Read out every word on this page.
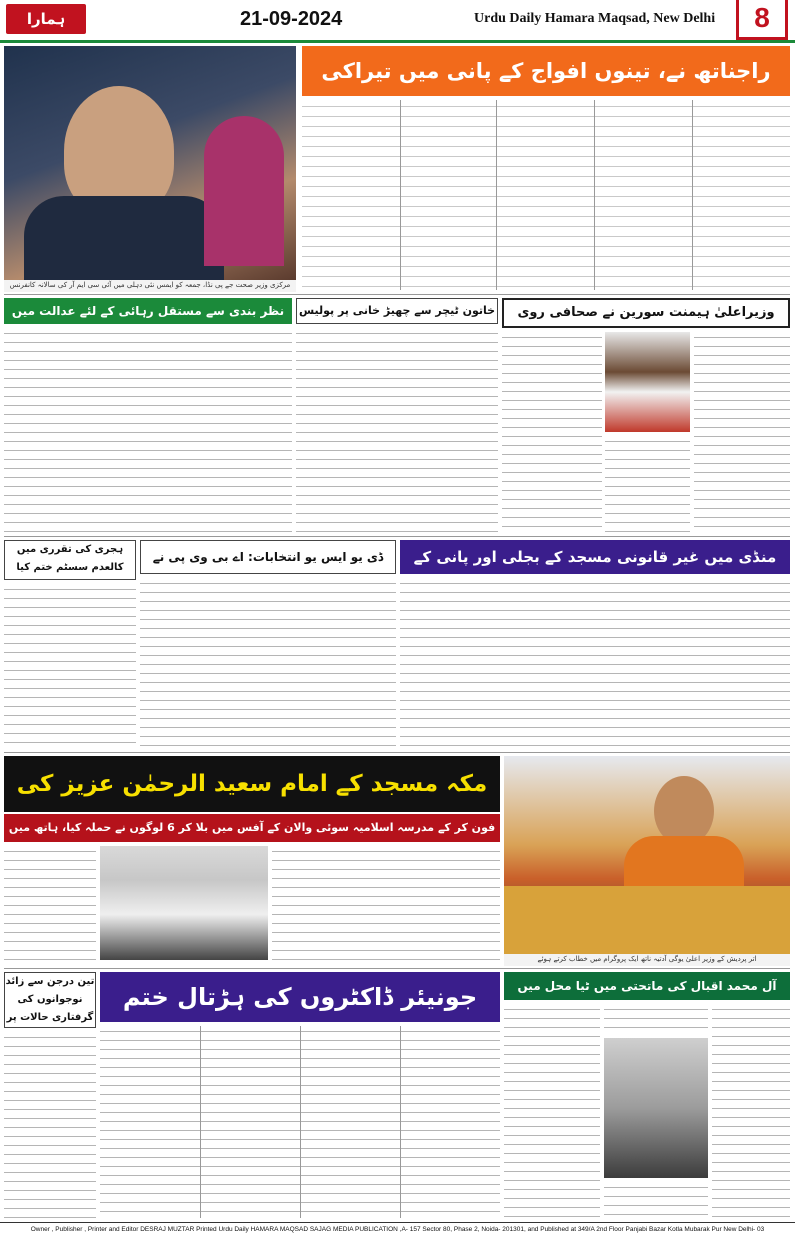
ہمارا	21-09-2024	Urdu Daily Hamara Maqsad, New Delhi	8
مرکزی وزیر صحت جے پی نڈا، جمعہ کو ایمس نئی دہلی میں آئی سی ایم آر کی سالانہ کانفرنس
راجناتھ نے، تینوں افواج کے پانی میں تیراکی
وزیراعلیٰ ہیمنت سورین نے صحافی روی
خاتون ٹیچر سے چھیڑ خانی پر پولیس
نظر بندی سے مستقل رہائی کے لئے عدالت میں
منڈی میں غیر قانونی مسجد کے بجلی اور پانی کے
ڈی یو ایس یو انتخابات: اے بی وی پی نے
ہجری کی تقرری میں کالعدم سسٹم ختم کیا
مکہ مسجد کے امام سعید الرحمٰن عزیز کی
فون کر کے مدرسہ اسلامیہ سوئی والان کے آفس میں بلا کر 6 لوگوں نے حملہ کیا، ہاتھ میں
اتر پردیش کے وزیر اعلیٰ یوگی آدتیہ ناتھ ایک پروگرام میں خطاب کرتے ہوئے
آل محمد اقبال کی ماتحتی میں ٹیا محل میں
جونیئر ڈاکٹروں کی ہڑتال ختم
تین درجن سے زائد نوجوانوں کی گرفتاری حالات پر
Owner , Publisher , Printer and Editor DESRAJ MUZTAR Printed Urdu Daily HAMARA MAQSAD SAJAG MEDIA PUBLICATION ,A- 157 Sector 80, Phase 2, Noida- 201301, and Published at 349/A 2nd Floor Panjabi Bazar Kotla Mubarak Pur New Delhi- 03
